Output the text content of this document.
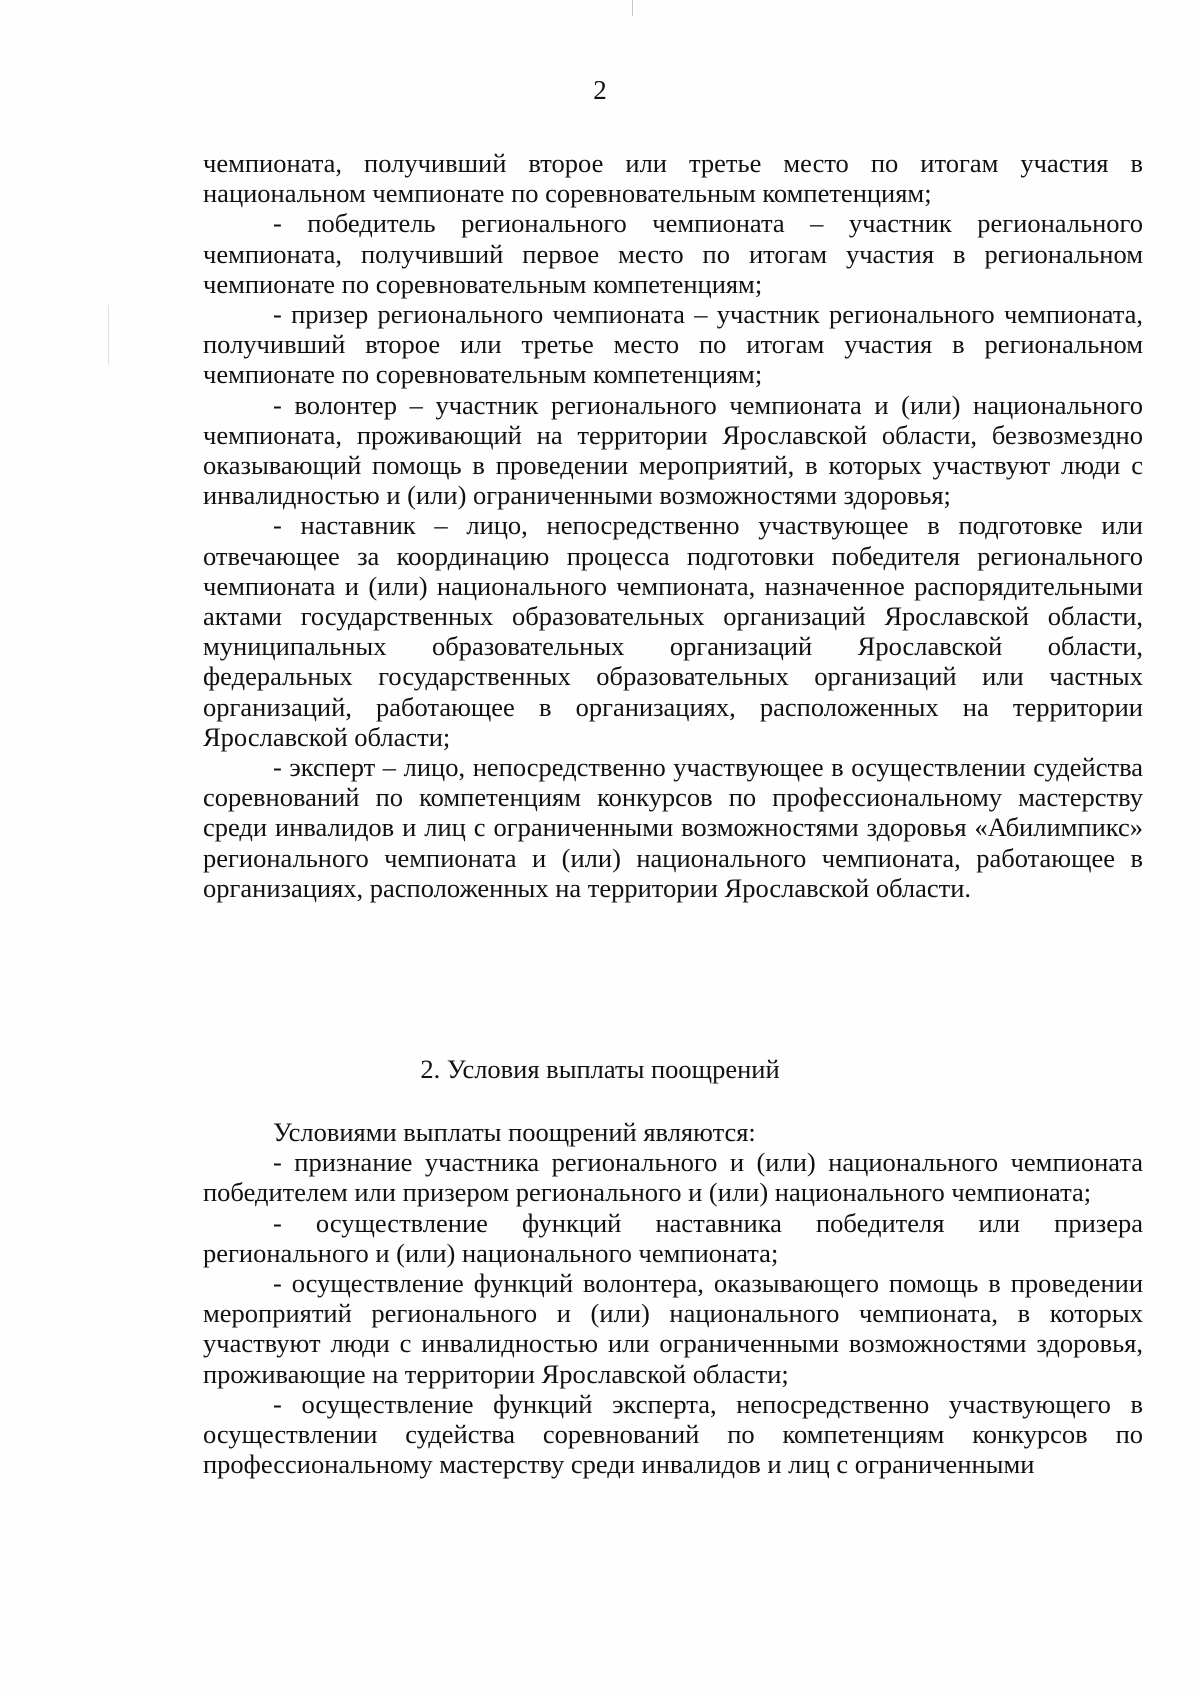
2

чемпионата, получивший второе или третье место по итогам участия в национальном чемпионате по соревновательным компетенциям;

- победитель регионального чемпионата – участник регионального чемпионата, получивший первое место по итогам участия в региональном чемпионате по соревновательным компетенциям;

- призер регионального чемпионата – участник регионального чемпионата, получивший второе или третье место по итогам участия в региональном чемпионате по соревновательным компетенциям;

- волонтер – участник регионального чемпионата и (или) национального чемпионата, проживающий на территории Ярославской области, безвозмездно оказывающий помощь в проведении мероприятий, в которых участвуют люди с инвалидностью и (или) ограниченными возможностями здоровья;

- наставник – лицо, непосредственно участвующее в подготовке или отвечающее за координацию процесса подготовки победителя регионального чемпионата и (или) национального чемпионата, назначенное распорядительными актами государственных образовательных организаций Ярославской области, муниципальных образовательных организаций Ярославской области, федеральных государственных образовательных организаций или частных организаций, работающее в организациях, расположенных на территории Ярославской области;

- эксперт – лицо, непосредственно участвующее в осуществлении судейства соревнований по компетенциям конкурсов по профессиональному мастерству среди инвалидов и лиц с ограниченными возможностями здоровья «Абилимпикс» регионального чемпионата и (или) национального чемпионата, работающее в организациях, расположенных на территории Ярославской области.

2. Условия выплаты поощрений

Условиями выплаты поощрений являются:

- признание участника регионального и (или) национального чемпионата победителем или призером регионального и (или) национального чемпионата;

- осуществление функций наставника победителя или призера регионального и (или) национального чемпионата;

- осуществление функций волонтера, оказывающего помощь в проведении мероприятий регионального и (или) национального чемпионата, в которых участвуют люди с инвалидностью или ограниченными возможностями здоровья, проживающие на территории Ярославской области;

- осуществление функций эксперта, непосредственно участвующего в осуществлении судейства соревнований по компетенциям конкурсов по профессиональному мастерству среди инвалидов и лиц с ограниченными
